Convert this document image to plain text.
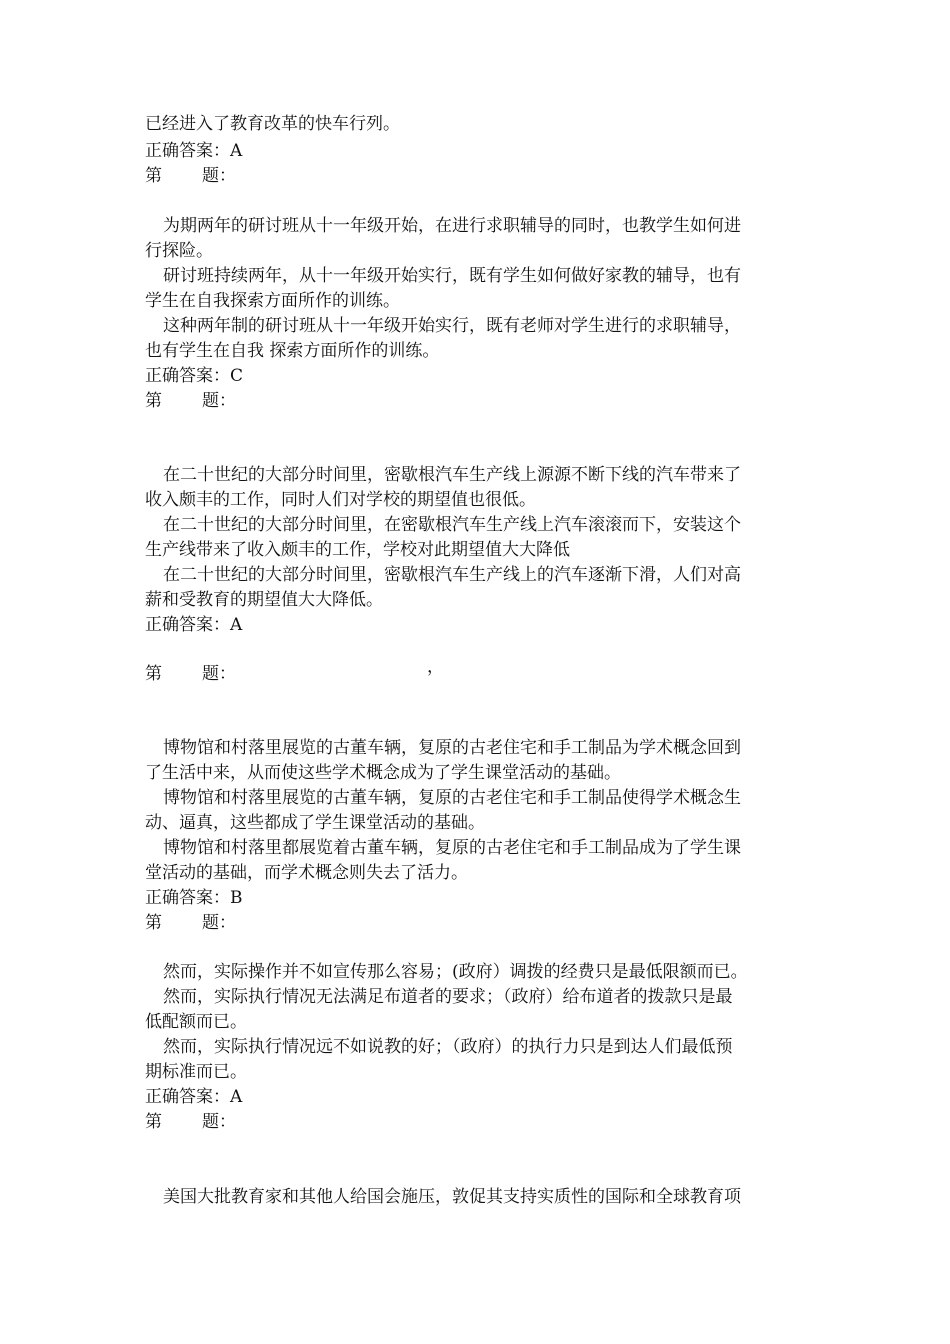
已经进入了教育改革的快车行列。
正确答案：A
第 题：
为期两年的研讨班从十一年级开始，在进行求职辅导的同时，也教学生如何进
行探险。
研讨班持续两年，从十一年级开始实行，既有学生如何做好家教的辅导，也有
学生在自我探索方面所作的训练。
这种两年制的研讨班从十一年级开始实行，既有老师对学生进行的求职辅导，
也有学生在自我 探索方面所作的训练。
正确答案：C
第 题：
在二十世纪的大部分时间里，密歇根汽车生产线上源源不断下线的汽车带来了
收入颇丰的工作，同时人们对学校的期望值也很低。
在二十世纪的大部分时间里，在密歇根汽车生产线上汽车滚滚而下，安装这个
生产线带来了收入颇丰的工作，学校对此期望值大大降低
在二十世纪的大部分时间里，密歇根汽车生产线上的汽车逐渐下滑，人们对高
薪和受教育的期望值大大降低。
正确答案：A
第 题：	，
博物馆和村落里展览的古董车辆，复原的古老住宅和手工制品为学术概念回到
了生活中来，从而使这些学术概念成为了学生课堂活动的基础。
博物馆和村落里展览的古董车辆，复原的古老住宅和手工制品使得学术概念生
动、逼真，这些都成了学生课堂活动的基础。
博物馆和村落里都展览着古董车辆，复原的古老住宅和手工制品成为了学生课
堂活动的基础，而学术概念则失去了活力。
正确答案：B
第 题：
然而，实际操作并不如宣传那么容易；(政府）调拨的经费只是最低限额而已。
然而，实际执行情况无法满足布道者的要求；（政府）给布道者的拨款只是最
低配额而已。
然而，实际执行情况远不如说教的好；（政府）的执行力只是到达人们最低预
期标准而已。
正确答案：A
第 题：
美国大批教育家和其他人给国会施压，敦促其支持实质性的国际和全球教育项
